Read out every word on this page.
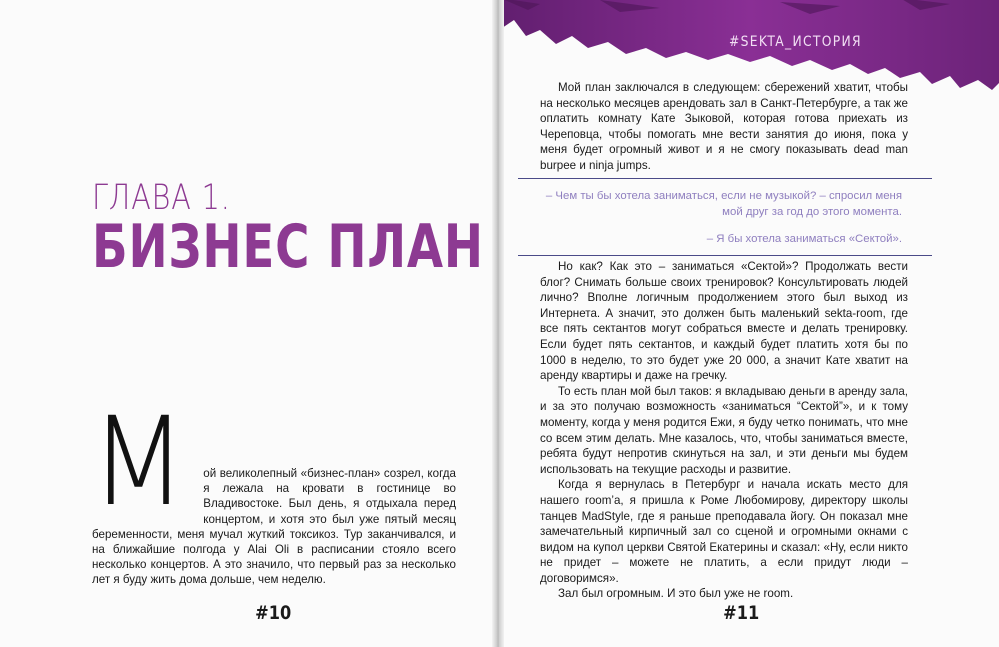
ГЛАВА 1.
БИЗНЕС ПЛАН
М	ой великолепный «бизнес-план» созрел, когда я лежала на кровати в гостинице во Владивостоке. Был день, я отдыхала перед концертом, и хотя это был уже пятый месяц беременности, меня мучал жуткий токсикоз. Тур заканчивался, и на ближайшие полгода у Alai Oli в расписании стояло всего несколько концертов. А это значило, что первый раз за несколько лет я буду жить дома дольше, чем неделю.

#10
#SEKTA_ИСТОРИЯ

Мой план заключался в следующем: сбережений хватит, чтобы на несколько месяцев арендовать зал в Санкт-Петербурге, а так же оплатить комнату Кате Зыковой, которая готова приехать из Череповца, чтобы помогать мне вести занятия до июня, пока у меня будет огромный живот и я не смогу показывать dead man burpee и ninja jumps.

– Чем ты бы хотела заниматься, если не музыкой? – спросил меня
мой друг за год до этого момента.
– Я бы хотела заниматься «Сектой».

Но как? Как это – заниматься «Сектой»? Продолжать вести блог? Снимать больше своих тренировок? Консультировать людей лично? Вполне логичным продолжением этого был выход из Интернета. А значит, это должен быть маленький sekta-room, где все пять сектантов могут собраться вместе и делать тренировку. Если будет пять сектантов, и каждый будет платить хотя бы по 1000 в неделю, то это будет уже 20 000, а значит Кате хватит на аренду квартиры и даже на гречку.

То есть план мой был таков: я вкладываю деньги в аренду зала, и за это получаю возможность «заниматься “Сектой”», и к тому моменту, когда у меня родится Ежи, я буду четко понимать, что мне со всем этим делать. Мне казалось, что, чтобы заниматься вместе, ребята будут непротив скинуться на зал, и эти деньги мы будем использовать на текущие расходы и развитие.

Когда я вернулась в Петербург и начала искать место для нашего room’а, я пришла к Роме Любомирову, директору школы танцев MadStyle, где я раньше преподавала йогу. Он показал мне замечательный кирпичный зал со сценой и огромными окнами с видом на купол церкви Святой Екатерины и сказал: «Ну, если никто не придет – можете не платить, а если придут люди – договоримся».

Зал был огромным. И это был уже не room.

#11
